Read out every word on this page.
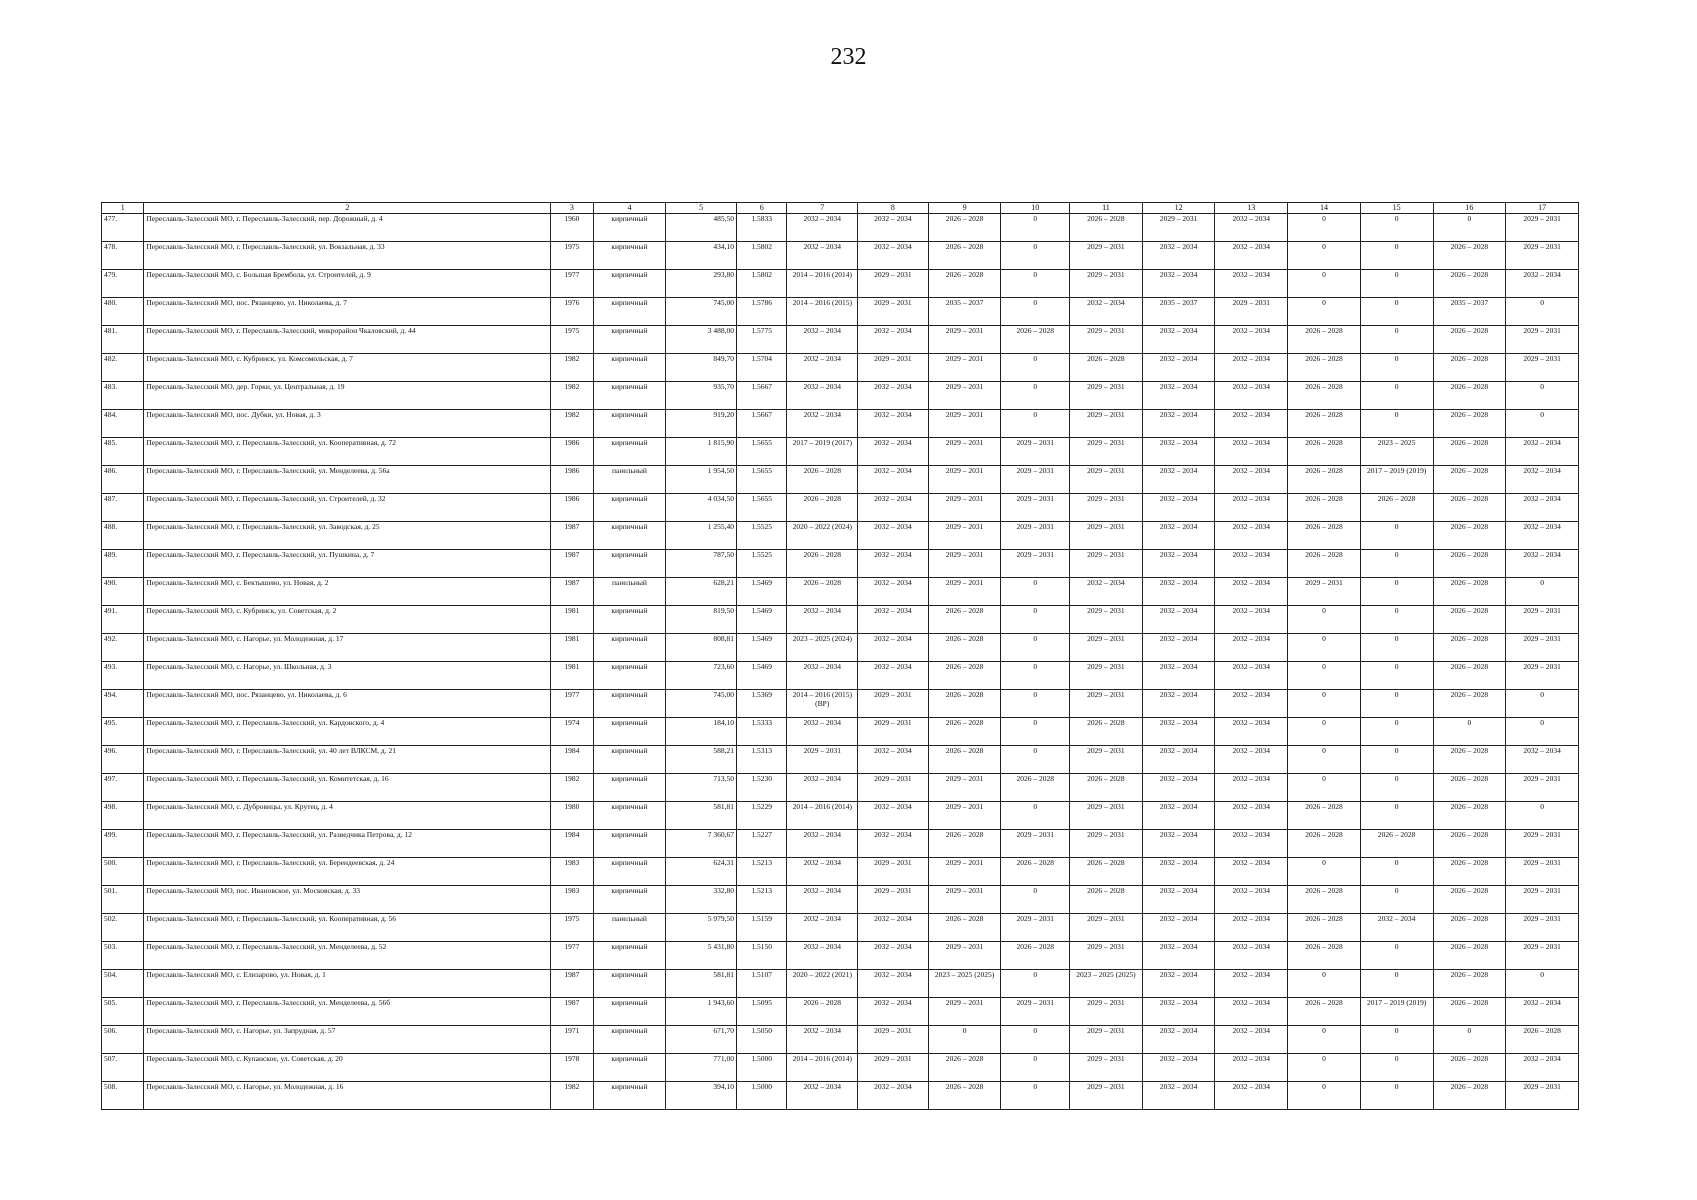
232
1	2	3	4	5	6	7	8	9	10	11	12	13	14	15	16	17
477.	Переславль-Залесский МО, г. Переславль-Залесский, пер. Дорожный, д. 4	1960	кирпичный	485,50	1.5833	2032 – 2034	2032 – 2034	2026 – 2028	0	2026 – 2028	2029 – 2031	2032 – 2034	0	0	0	2029 – 2031
478.	Переславль-Залесский МО, г. Переславль-Залесский, ул. Вокзальная, д. 33	1975	кирпичный	434,10	1.5802	2032 – 2034	2032 – 2034	2026 – 2028	0	2029 – 2031	2032 – 2034	2032 – 2034	0	0	2026 – 2028	2029 – 2031
479.	Переславль-Залесский МО, с. Большая Брембола, ул. Строителей, д. 9	1977	кирпичный	293,80	1.5802	2014 – 2016 (2014)	2029 – 2031	2026 – 2028	0	2029 – 2031	2032 – 2034	2032 – 2034	0	0	2026 – 2028	2032 – 2034
480.	Переславль-Залесский МО, пос. Рязанцево, ул. Николаева, д. 7	1976	кирпичный	745,00	1.5786	2014 – 2016 (2015)	2029 – 2031	2035 – 2037	0	2032 – 2034	2035 – 2037	2029 – 2031	0	0	2035 – 2037	0
481.	Переславль-Залесский МО, г. Переславль-Залесский, микрорайон Чкаловский, д. 44	1975	кирпичный	3 488,00	1.5775	2032 – 2034	2032 – 2034	2029 – 2031	2026 – 2028	2029 – 2031	2032 – 2034	2032 – 2034	2026 – 2028	0	2026 – 2028	2029 – 2031
482.	Переславль-Залесский МО, с. Кубринск, ул. Комсомольская, д. 7	1982	кирпичный	849,70	1.5704	2032 – 2034	2029 – 2031	2029 – 2031	0	2026 – 2028	2032 – 2034	2032 – 2034	2026 – 2028	0	2026 – 2028	2029 – 2031
483.	Переславль-Залесский МО, дер. Горки, ул. Центральная, д. 19	1982	кирпичный	935,70	1.5667	2032 – 2034	2032 – 2034	2029 – 2031	0	2029 – 2031	2032 – 2034	2032 – 2034	2026 – 2028	0	2026 – 2028	0
484.	Переславль-Залесский МО, пос. Дубки, ул. Новая, д. 3	1982	кирпичный	919,20	1.5667	2032 – 2034	2032 – 2034	2029 – 2031	0	2029 – 2031	2032 – 2034	2032 – 2034	2026 – 2028	0	2026 – 2028	0
485.	Переславль-Залесский МО, г. Переславль-Залесский, ул. Кооперативная, д. 72	1986	кирпичный	1 815,90	1.5655	2017 – 2019 (2017)	2032 – 2034	2029 – 2031	2029 – 2031	2029 – 2031	2032 – 2034	2032 – 2034	2026 – 2028	2023 – 2025	2026 – 2028	2032 – 2034
486.	Переславль-Залесский МО, г. Переславль-Залесский, ул. Менделеева, д. 56а	1986	панельный	1 954,50	1.5655	2026 – 2028	2032 – 2034	2029 – 2031	2029 – 2031	2029 – 2031	2032 – 2034	2032 – 2034	2026 – 2028	2017 – 2019 (2019)	2026 – 2028	2032 – 2034
487.	Переславль-Залесский МО, г. Переславль-Залесский, ул. Строителей, д. 32	1986	кирпичный	4 034,50	1.5655	2026 – 2028	2032 – 2034	2029 – 2031	2029 – 2031	2029 – 2031	2032 – 2034	2032 – 2034	2026 – 2028	2026 – 2028	2026 – 2028	2032 – 2034
488.	Переславль-Залесский МО, г. Переславль-Залесский, ул. Заводская, д. 25	1987	кирпичный	1 255,40	1.5525	2020 – 2022 (2024)	2032 – 2034	2029 – 2031	2029 – 2031	2029 – 2031	2032 – 2034	2032 – 2034	2026 – 2028	0	2026 – 2028	2032 – 2034
489.	Переславль-Залесский МО, г. Переславль-Залесский, ул. Пушкина, д. 7	1987	кирпичный	787,50	1.5525	2026 – 2028	2032 – 2034	2029 – 2031	2029 – 2031	2029 – 2031	2032 – 2034	2032 – 2034	2026 – 2028	0	2026 – 2028	2032 – 2034
490.	Переславль-Залесский МО, с. Бектышево, ул. Новая, д. 2	1987	панельный	628,21	1.5469	2026 – 2028	2032 – 2034	2029 – 2031	0	2032 – 2034	2032 – 2034	2032 – 2034	2029 – 2031	0	2026 – 2028	0
491.	Переславль-Залесский МО, с. Кубринск, ул. Советская, д. 2	1981	кирпичный	819,50	1.5469	2032 – 2034	2032 – 2034	2026 – 2028	0	2029 – 2031	2032 – 2034	2032 – 2034	0	0	2026 – 2028	2029 – 2031
492.	Переславль-Залесский МО, с. Нагорье, ул. Молодежная, д. 17	1981	кирпичный	808,81	1.5469	2023 – 2025 (2024)	2032 – 2034	2026 – 2028	0	2029 – 2031	2032 – 2034	2032 – 2034	0	0	2026 – 2028	2029 – 2031
493.	Переславль-Залесский МО, с. Нагорье, ул. Школьная, д. 3	1981	кирпичный	723,60	1.5469	2032 – 2034	2032 – 2034	2026 – 2028	0	2029 – 2031	2032 – 2034	2032 – 2034	0	0	2026 – 2028	2029 – 2031
494.	Переславль-Залесский МО, пос. Рязанцево, ул. Николаева, д. 6	1977	кирпичный	745,00	1.5369	2014 – 2016 (2015) (ВР)	2029 – 2031	2026 – 2028	0	2029 – 2031	2032 – 2034	2032 – 2034	0	0	2026 – 2028	0
495.	Переславль-Залесский МО, г. Переславль-Залесский, ул. Кардовского, д. 4	1974	кирпичный	184,10	1.5333	2032 – 2034	2029 – 2031	2026 – 2028	0	2026 – 2028	2032 – 2034	2032 – 2034	0	0	0	0
496.	Переславль-Залесский МО, г. Переславль-Залесский, ул. 40 лет ВЛКСМ, д. 21	1984	кирпичный	588,21	1.5313	2029 – 2031	2032 – 2034	2026 – 2028	0	2029 – 2031	2032 – 2034	2032 – 2034	0	0	2026 – 2028	2032 – 2034
497.	Переславль-Залесский МО, г. Переславль-Залесский, ул. Комитетская, д. 16	1982	кирпичный	713,50	1.5230	2032 – 2034	2029 – 2031	2029 – 2031	2026 – 2028	2026 – 2028	2032 – 2034	2032 – 2034	0	0	2026 – 2028	2029 – 2031
498.	Переславль-Залесский МО, с. Дубровицы, ул. Крутец, д. 4	1980	кирпичный	581,81	1.5229	2014 – 2016 (2014)	2032 – 2034	2029 – 2031	0	2029 – 2031	2032 – 2034	2032 – 2034	2026 – 2028	0	2026 – 2028	0
499.	Переславль-Залесский МО, г. Переславль-Залесский, ул. Разведчика Петрова, д. 12	1984	кирпичный	7 360,67	1.5227	2032 – 2034	2032 – 2034	2026 – 2028	2029 – 2031	2029 – 2031	2032 – 2034	2032 – 2034	2026 – 2028	2026 – 2028	2026 – 2028	2029 – 2031
500.	Переславль-Залесский МО, г. Переславль-Залесский, ул. Берендеевская, д. 24	1983	кирпичный	624,31	1.5213	2032 – 2034	2029 – 2031	2029 – 2031	2026 – 2028	2026 – 2028	2032 – 2034	2032 – 2034	0	0	2026 – 2028	2029 – 2031
501.	Переславль-Залесский МО, пос. Ивановское, ул. Московская, д. 33	1983	кирпичный	332,80	1.5213	2032 – 2034	2029 – 2031	2029 – 2031	0	2026 – 2028	2032 – 2034	2032 – 2034	2026 – 2028	0	2026 – 2028	2029 – 2031
502.	Переславль-Залесский МО, г. Переславль-Залесский, ул. Кооперативная, д. 56	1975	панельный	5 979,50	1.5159	2032 – 2034	2032 – 2034	2026 – 2028	2029 – 2031	2029 – 2031	2032 – 2034	2032 – 2034	2026 – 2028	2032 – 2034	2026 – 2028	2029 – 2031
503.	Переславль-Залесский МО, г. Переславль-Залесский, ул. Менделеева, д. 52	1977	кирпичный	5 431,80	1.5150	2032 – 2034	2032 – 2034	2029 – 2031	2026 – 2028	2029 – 2031	2032 – 2034	2032 – 2034	2026 – 2028	0	2026 – 2028	2029 – 2031
504.	Переславль-Залесский МО, с. Елизарово, ул. Новая, д. 1	1987	кирпичный	581,81	1.5107	2020 – 2022 (2021)	2032 – 2034	2023 – 2025 (2025)	0	2023 – 2025 (2025)	2032 – 2034	2032 – 2034	0	0	2026 – 2028	0
505.	Переславль-Залесский МО, г. Переславль-Залесский, ул. Менделеева, д. 56б	1987	кирпичный	1 943,60	1.5095	2026 – 2028	2032 – 2034	2029 – 2031	2029 – 2031	2029 – 2031	2032 – 2034	2032 – 2034	2026 – 2028	2017 – 2019 (2019)	2026 – 2028	2032 – 2034
506.	Переславль-Залесский МО, с. Нагорье, ул. Запрудная, д. 57	1971	кирпичный	671,70	1.5050	2032 – 2034	2029 – 2031	0	0	2029 – 2031	2032 – 2034	2032 – 2034	0	0	0	2026 – 2028
507.	Переславль-Залесский МО, с. Купанское, ул. Советская, д. 20	1978	кирпичный	771,00	1.5000	2014 – 2016 (2014)	2029 – 2031	2026 – 2028	0	2029 – 2031	2032 – 2034	2032 – 2034	0	0	2026 – 2028	2032 – 2034
508.	Переславль-Залесский МО, с. Нагорье, ул. Молодежная, д. 16	1982	кирпичный	394,10	1.5000	2032 – 2034	2032 – 2034	2026 – 2028	0	2029 – 2031	2032 – 2034	2032 – 2034	0	0	2026 – 2028	2029 – 2031
